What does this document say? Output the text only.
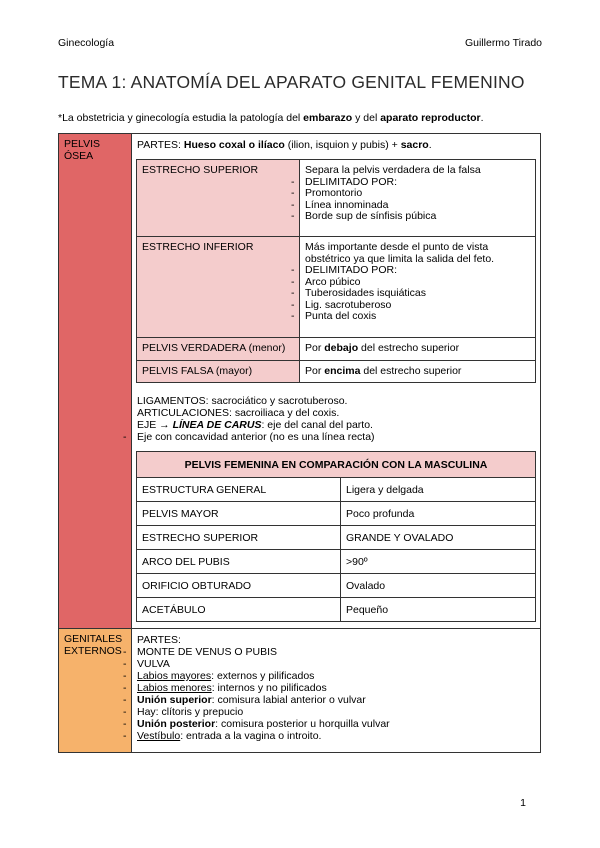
Ginecología	Guillermo Tirado
TEMA 1: ANATOMÍA DEL APARATO GENITAL FEMENINO
*La obstetricia y ginecología estudia la patología del embarazo y del aparato reproductor.
PELVIS
ÓSEA

PARTES: Hueso coxal o ilíaco (ilion, isquion y pubis) + sacro.
ESTRECHO SUPERIOR	Separa la pelvis verdadera de la falsa
- DELIMITADO POR:
- Promontorio
- Línea innominada
- Borde sup de sínfisis púbica

ESTRECHO INFERIOR	Más importante desde el punto de vista
obstétrico ya que limita la salida del feto.
- DELIMITADO POR:
- Arco púbico
- Tuberosidades isquiáticas
- Lig. sacrotuberoso
- Punta del coxis

PELVIS VERDADERA (menor)	Por debajo del estrecho superior
PELVIS FALSA (mayor)	Por encima del estrecho superior
LIGAMENTOS: sacrociático y sacrotuberoso.
ARTICULACIONES: sacroiliaca y del coxis.
EJE → LÍNEA DE CARUS: eje del canal del parto.
- Eje con concavidad anterior (no es una línea recta)
PELVIS FEMENINA EN COMPARACIÓN CON LA MASCULINA
ESTRUCTURA GENERAL	Ligera y delgada
PELVIS MAYOR	Poco profunda
ESTRECHO SUPERIOR	GRANDE Y OVALADO
ARCO DEL PUBIS	>90º
ORIFICIO OBTURADO	Ovalado
ACETÁBULO	Pequeño

GENITALES
EXTERNOS

PARTES:
- MONTE DE VENUS O PUBIS
- VULVA
- Labios mayores: externos y pilificados
- Labios menores: internos y no pilificados
- Unión superior: comisura labial anterior o vulvar
- Hay: clítoris y prepucio
- Unión posterior: comisura posterior u horquilla vulvar
- Vestíbulo: entrada a la vagina o introito.
1
